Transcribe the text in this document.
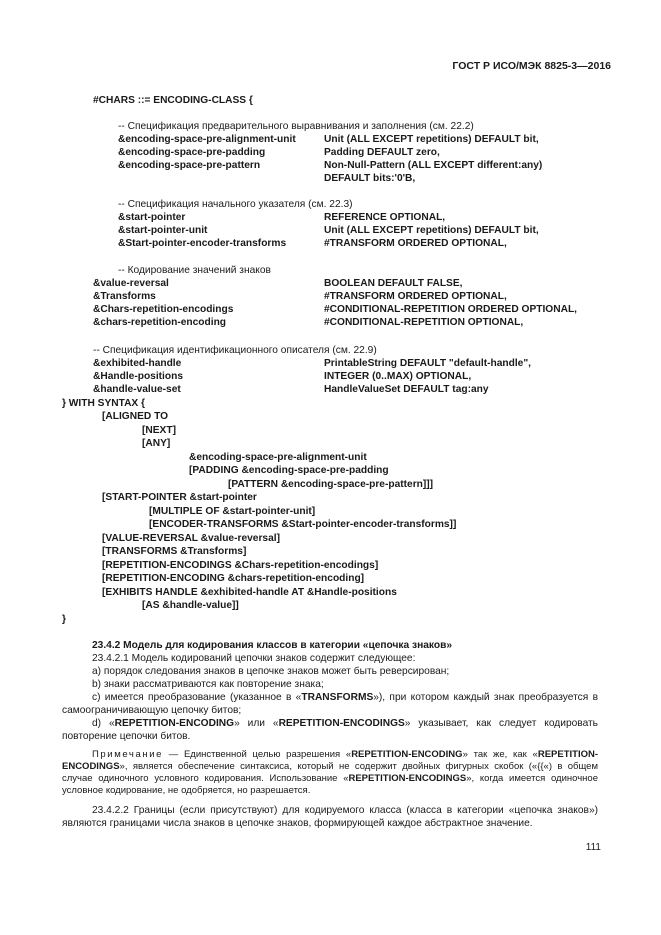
ГОСТ Р ИСО/МЭК 8825-3—2016
#CHARS ::= ENCODING-CLASS {
-- Спецификация предварительного выравнивания и заполнения (см. 22.2)
&encoding-space-pre-alignment-unit	Unit (ALL EXCEPT repetitions) DEFAULT bit,
&encoding-space-pre-padding	Padding DEFAULT zero,
&encoding-space-pre-pattern	Non-Null-Pattern (ALL EXCEPT different:any)
DEFAULT bits:'0'B,
-- Спецификация начального указателя (см. 22.3)
&start-pointer	REFERENCE OPTIONAL,
&start-pointer-unit	Unit (ALL EXCEPT repetitions) DEFAULT bit,
&Start-pointer-encoder-transforms	#TRANSFORM ORDERED OPTIONAL,
-- Кодирование значений знаков
&value-reversal	BOOLEAN DEFAULT FALSE,
&Transforms	#TRANSFORM ORDERED OPTIONAL,
&Chars-repetition-encodings	#CONDITIONAL-REPETITION ORDERED OPTIONAL,
&chars-repetition-encoding	#CONDITIONAL-REPETITION OPTIONAL,
-- Спецификация идентификационного описателя (см. 22.9)
&exhibited-handle	PrintableString DEFAULT "default-handle",
&Handle-positions	INTEGER (0..MAX) OPTIONAL,
&handle-value-set	HandleValueSet DEFAULT tag:any
} WITH SYNTAX {
[ALIGNED TO
[NEXT]
[ANY]
&encoding-space-pre-alignment-unit
[PADDING &encoding-space-pre-padding
[PATTERN &encoding-space-pre-pattern]]]
[START-POINTER &start-pointer
[MULTIPLE OF &start-pointer-unit]
[ENCODER-TRANSFORMS &Start-pointer-encoder-transforms]]
[VALUE-REVERSAL &value-reversal]
[TRANSFORMS &Transforms]
[REPETITION-ENCODINGS &Chars-repetition-encodings]
[REPETITION-ENCODING &chars-repetition-encoding]
[EXHIBITS HANDLE &exhibited-handle AT &Handle-positions
[AS &handle-value]]
}
23.4.2 Модель для кодирования классов в категории «цепочка знаков»
23.4.2.1 Модель кодирований цепочки знаков содержит следующее:
а) порядок следования знаков в цепочке знаков может быть реверсирован;
b) знаки рассматриваются как повторение знака;
с) имеется преобразование (указанное в «TRANSFORMS»), при котором каждый знак преобразуется в самоограничивающую цепочку битов;
d) «REPETITION-ENCODING» или «REPETITION-ENCODINGS» указывает, как следует кодировать повторение цепочки битов.
Примечание — Единственной целью разрешения «REPETITION-ENCODING» так же, как «REPETITION-ENCODINGS», является обеспечение синтаксиса, который не содержит двойных фигурных скобок («{{«) в общем случае одиночного условного кодирования. Использование «REPETITION-ENCODINGS», когда имеется одиночное условное кодирование, не одобряется, но разрешается.
23.4.2.2 Границы (если присутствуют) для кодируемого класса (класса в категории «цепочка знаков») являются границами числа знаков в цепочке знаков, формирующей каждое абстрактное значение.
111
